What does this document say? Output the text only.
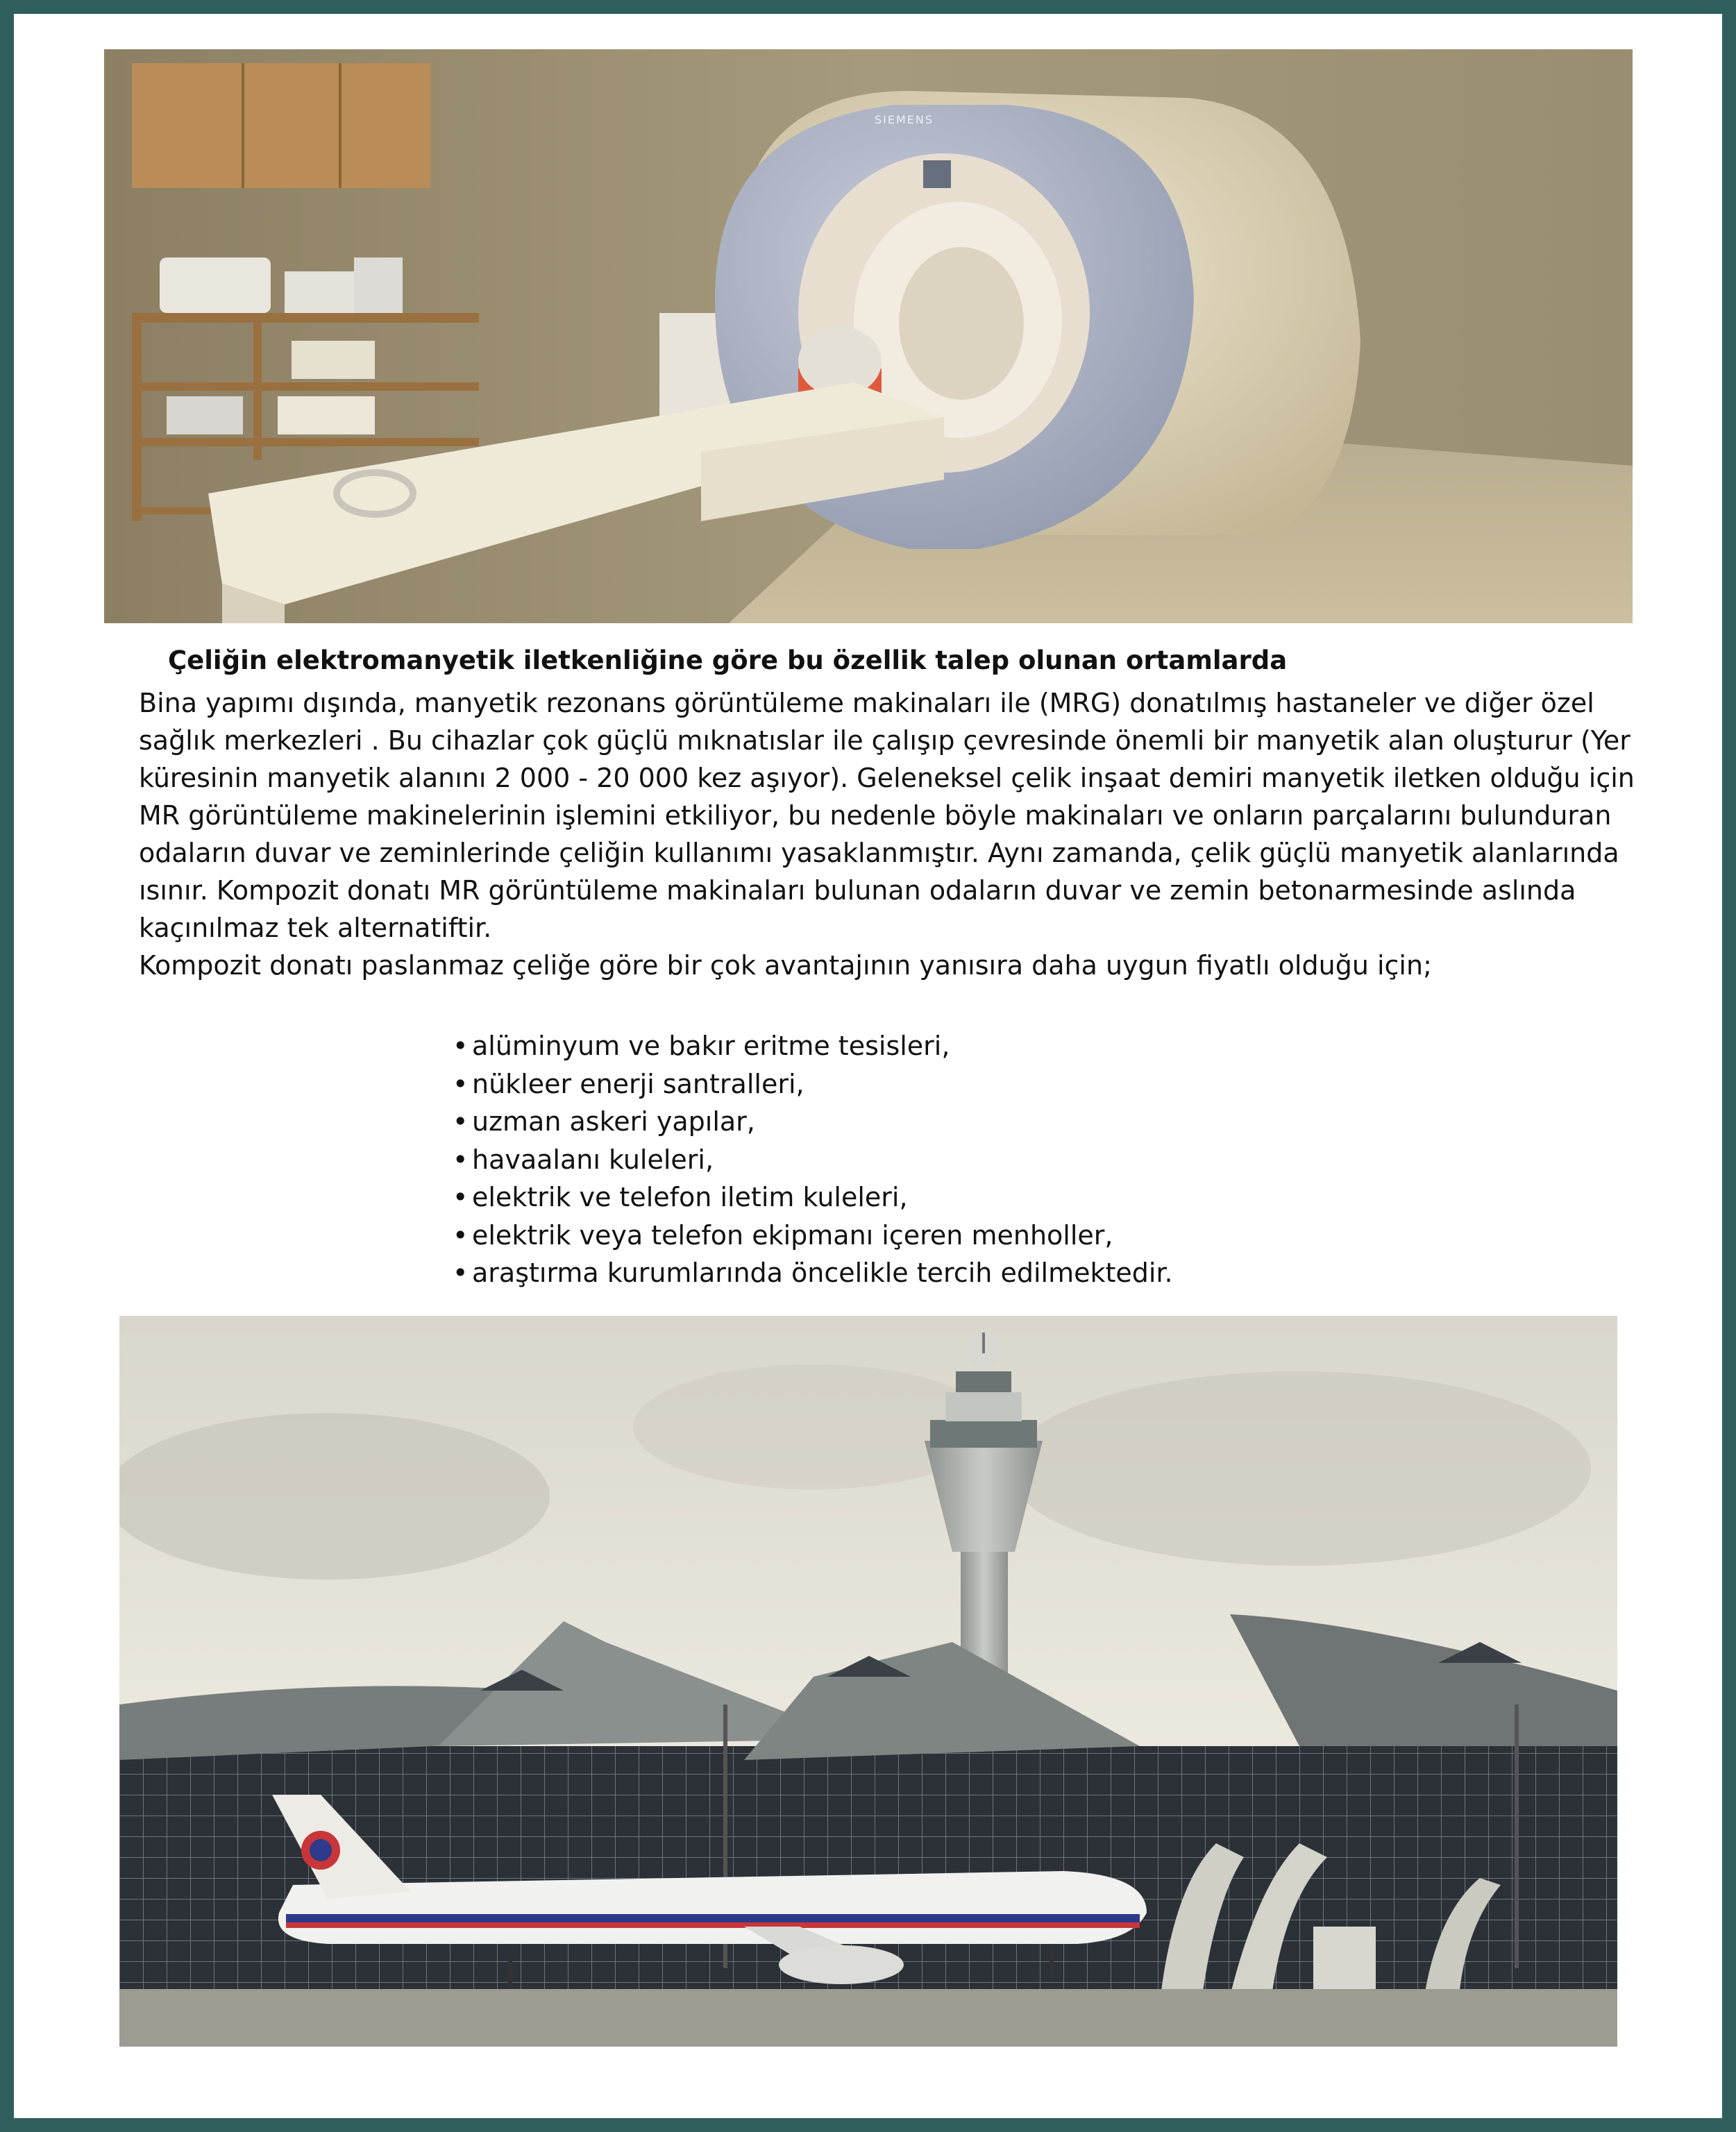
SIEMENS
Çeliğin elektromanyetik iletkenliğine göre bu özellik talep olunan ortamlarda

Bina yapımı dışında, manyetik rezonans görüntüleme makinaları ile (MRG) donatılmış hastaneler ve diğer özel

sağlık merkezleri . Bu cihazlar çok güçlü mıknatıslar ile çalışıp çevresinde önemli bir manyetik alan oluşturur (Yer

küresinin manyetik alanını 2 000 - 20 000 kez aşıyor). Geleneksel çelik inşaat demiri manyetik iletken olduğu için

MR görüntüleme makinelerinin işlemini etkiliyor, bu nedenle böyle makinaları ve onların parçalarını bulunduran

odaların duvar ve zeminlerinde çeliğin kullanımı yasaklanmıştır. Aynı zamanda, çelik güçlü manyetik alanlarında

ısınır. Kompozit donatı MR görüntüleme makinaları bulunan odaların duvar ve zemin betonarmesinde aslında

kaçınılmaz tek alternatiftir.

Kompozit donatı paslanmaz çeliğe göre bir çok avantajının yanısıra daha uygun fiyatlı olduğu için;

• alüminyum ve bakır eritme tesisleri,
• nükleer enerji santralleri,
• uzman askeri yapılar,
• havaalanı kuleleri,
• elektrik ve telefon iletim kuleleri,
• elektrik veya telefon ekipmanı içeren menholler,
• araştırma kurumlarında öncelikle tercih edilmektedir.
